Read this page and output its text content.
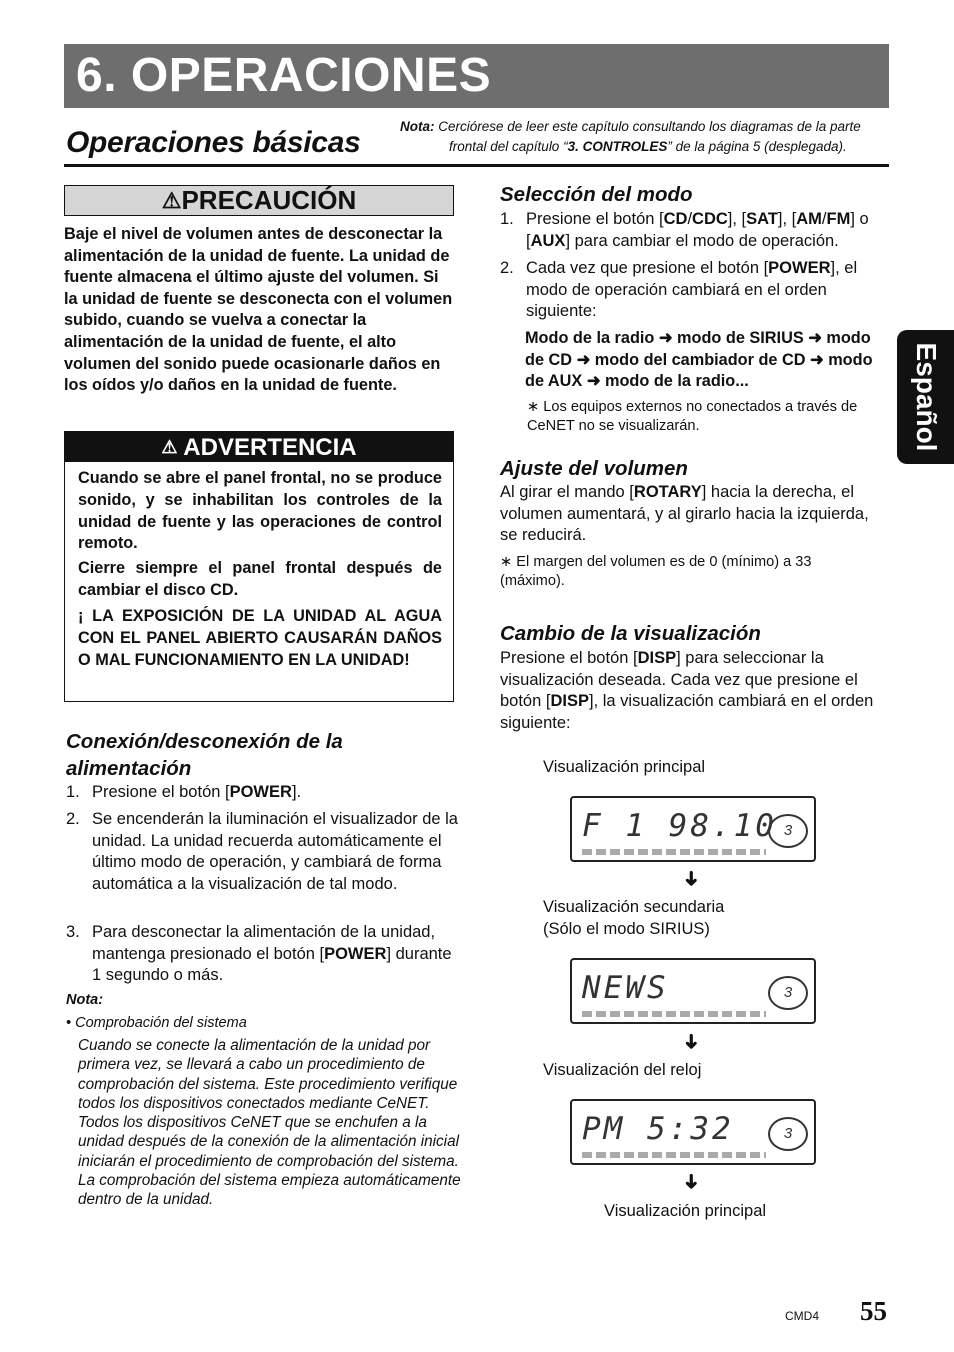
6. OPERACIONES
Operaciones básicas	Nota: Cerciórese de leer este capítulo consultando los diagramas de la parte
frontal del capítulo “3. CONTROLES” de la página 5 (desplegada).
Español
⚠PRECAUCIÓN
Baje el nivel de volumen antes de desconectar la alimentación de la unidad de fuente. La unidad de fuente almacena el último ajuste del volumen. Si la unidad de fuente se desconecta con el volumen subido, cuando se vuelva a conectar la alimentación de la unidad de fuente, el alto volumen del sonido puede ocasionarle daños en los oídos y/o daños en la unidad de fuente.
⚠ ADVERTENCIA
Cuando se abre el panel frontal, no se produce sonido, y se inhabilitan los controles de la unidad de fuente y las operaciones de control remoto.
Cierre siempre el panel frontal después de cambiar el disco CD.
¡ LA EXPOSICIÓN DE LA UNIDAD AL AGUA CON EL PANEL ABIERTO CAUSARÁN DAÑOS O MAL FUNCIONAMIENTO EN LA UNIDAD!
Conexión/desconexión de la
alimentación
1. Presione el botón [POWER].
2. Se encenderán la iluminación el visualizador de la unidad. La unidad recuerda automáticamente el último modo de operación, y cambiará de forma automática a la visualización de tal modo.
3. Para desconectar la alimentación de la unidad, mantenga presionado el botón [POWER] durante 1 segundo o más.
Nota:
• Comprobación del sistema
Cuando se conecte la alimentación de la unidad por primera vez, se llevará a cabo un procedimiento de comprobación del sistema. Este procedimiento verifique todos los dispositivos conectados mediante CeNET. Todos los dispositivos CeNET que se enchufen a la unidad después de la conexión de la alimentación inicial iniciarán el procedimiento de comprobación del sistema. La comprobación del sistema empieza automáticamente dentro de la unidad.
Selección del modo
1. Presione el botón [CD/CDC], [SAT], [AM/FM] o [AUX] para cambiar el modo de operación.
2. Cada vez que presione el botón [POWER], el modo de operación cambiará en el orden siguiente:
Modo de la radio ➜ modo de SIRIUS ➜ modo de CD ➜ modo del cambiador de CD ➜ modo de AUX ➜ modo de la radio...
∗ Los equipos externos no conectados a través de CeNET no se visualizarán.
Ajuste del volumen
Al girar el mando [ROTARY] hacia la derecha, el volumen aumentará, y al girarlo hacia la izquierda, se reducirá.
∗ El margen del volumen es de 0 (mínimo) a 33 (máximo).
Cambio de la visualización
Presione el botón [DISP] para seleccionar la visualización deseada. Cada vez que presione el botón [DISP], la visualización cambiará en el orden siguiente:
Visualización principal
F 1 98.10 3
➜
Visualización secundaria
(Sólo el modo SIRIUS)
NEWS	3
➜
Visualización del reloj
PM 5:32	3
➜
Visualización principal
CMD4 55
